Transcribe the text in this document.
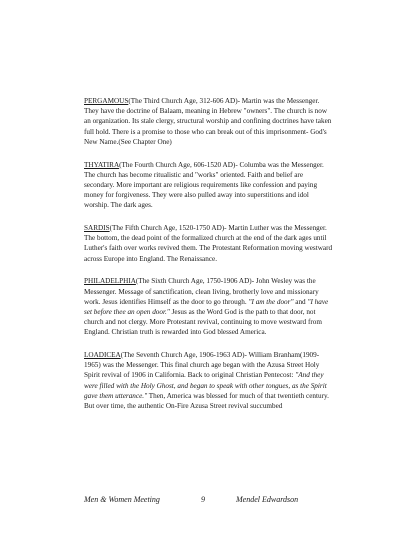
PERGAMOUS(The Third Church Age, 312-606 AD)- Martin was the Messenger. They have the doctrine of Balaam, meaning in Hebrew "owners". The church is now an organization. Its stale clergy, structural worship and confining doctrines have taken full hold. There is a promise to those who can break out of this imprisonment- God's New Name.(See Chapter One)

THYATIRA(The Fourth Church Age, 606-1520 AD)- Columba was the Messenger. The church has become ritualistic and "works" oriented. Faith and belief are secondary. More important are religious requirements like confession and paying money for forgiveness. They were also pulled away into superstitions and idol worship. The dark ages.

SARDIS(The Fifth Church Age, 1520-1750 AD)- Martin Luther was the Messenger. The bottom, the dead point of the formalized church at the end of the dark ages until Luther's faith over works revived them. The Protestant Reformation moving westward across Europe into England. The Renaissance.

PHILADELPHIA(The Sixth Church Age, 1750-1906 AD)- John Wesley was the Messenger. Message of sanctification, clean living, brotherly love and missionary work. Jesus identifies Himself as the door to go through. "I am the door" and "I have set before thee an open door." Jesus as the Word God is the path to that door, not church and not clergy. More Protestant revival, continuing to move westward from England. Christian truth is rewarded into God blessed America.

LOADICEA(The Seventh Church Age, 1906-1963 AD)- William Branham(1909-1965) was the Messenger. This final church age began with the Azusa Street Holy Spirit revival of 1906 in California. Back to original Christian Pentecost: "And they were filled with the Holy Ghost, and began to speak with other tongues, as the Spirit gave them utterance." Then, America was blessed for much of that twentieth century. But over time, the authentic On-Fire Azusa Street revival succumbed

Men & Women Meeting	9	Mendel Edwardson
